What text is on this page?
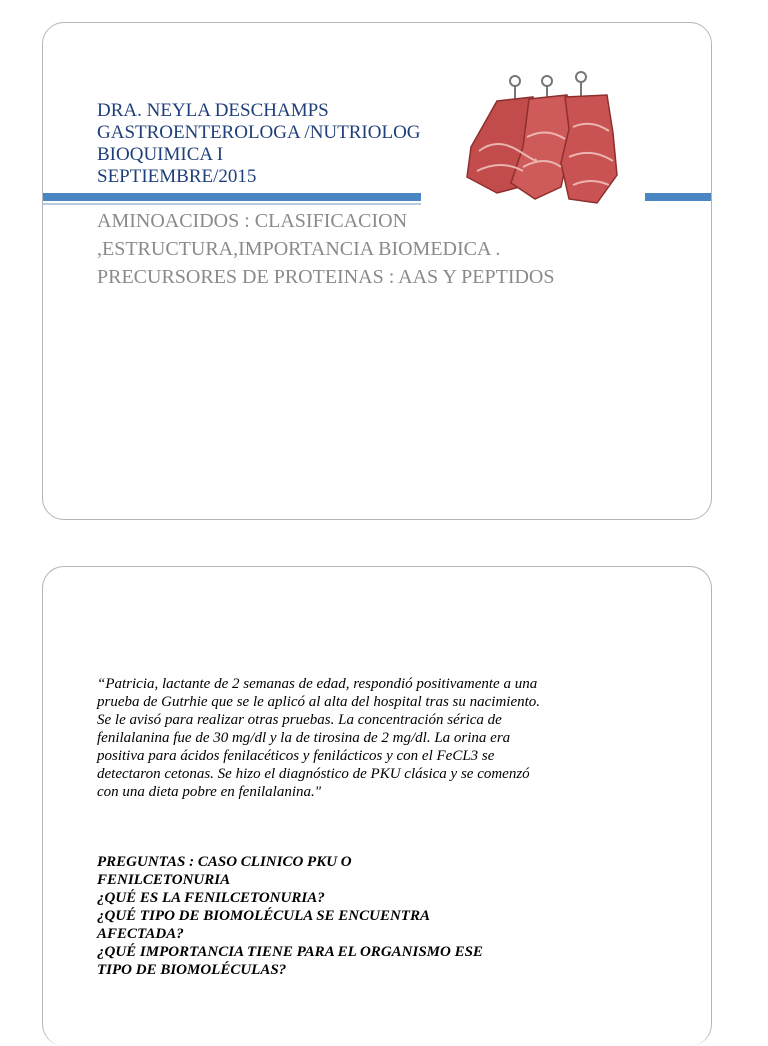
DRA. NEYLA DESCHAMPS
GASTROENTEROLOGA /NUTRIOLOG
BIOQUIMICA I
SEPTIEMBRE/2015
AMINOACIDOS : CLASIFICACION
,ESTRUCTURA,IMPORTANCIA BIOMEDICA .
PRECURSORES DE PROTEINAS : AAS Y PEPTIDOS
“Patricia, lactante de 2 semanas de edad, respondió positivamente a una prueba de Gutrhie que se le aplicó al alta del hospital tras su nacimiento. Se le avisó para realizar otras pruebas. La concentración sérica de fenilalanina fue de 30 mg/dl y la de tirosina de 2 mg/dl. La orina era positiva para ácidos fenilacéticos y fenilácticos y con el FeCL3 se detectaron cetonas. Se hizo el diagnóstico de PKU clásica y se comenzó con una dieta pobre en fenilalanina."
PREGUNTAS : CASO CLINICO PKU O
FENILCETONURIA
¿QUÉ ES LA FENILCETONURIA?
¿QUÉ TIPO DE BIOMOLÉCULA SE ENCUENTRA
AFECTADA?
¿QUÉ IMPORTANCIA TIENE PARA EL ORGANISMO ESE
TIPO DE BIOMOLÉCULAS?
